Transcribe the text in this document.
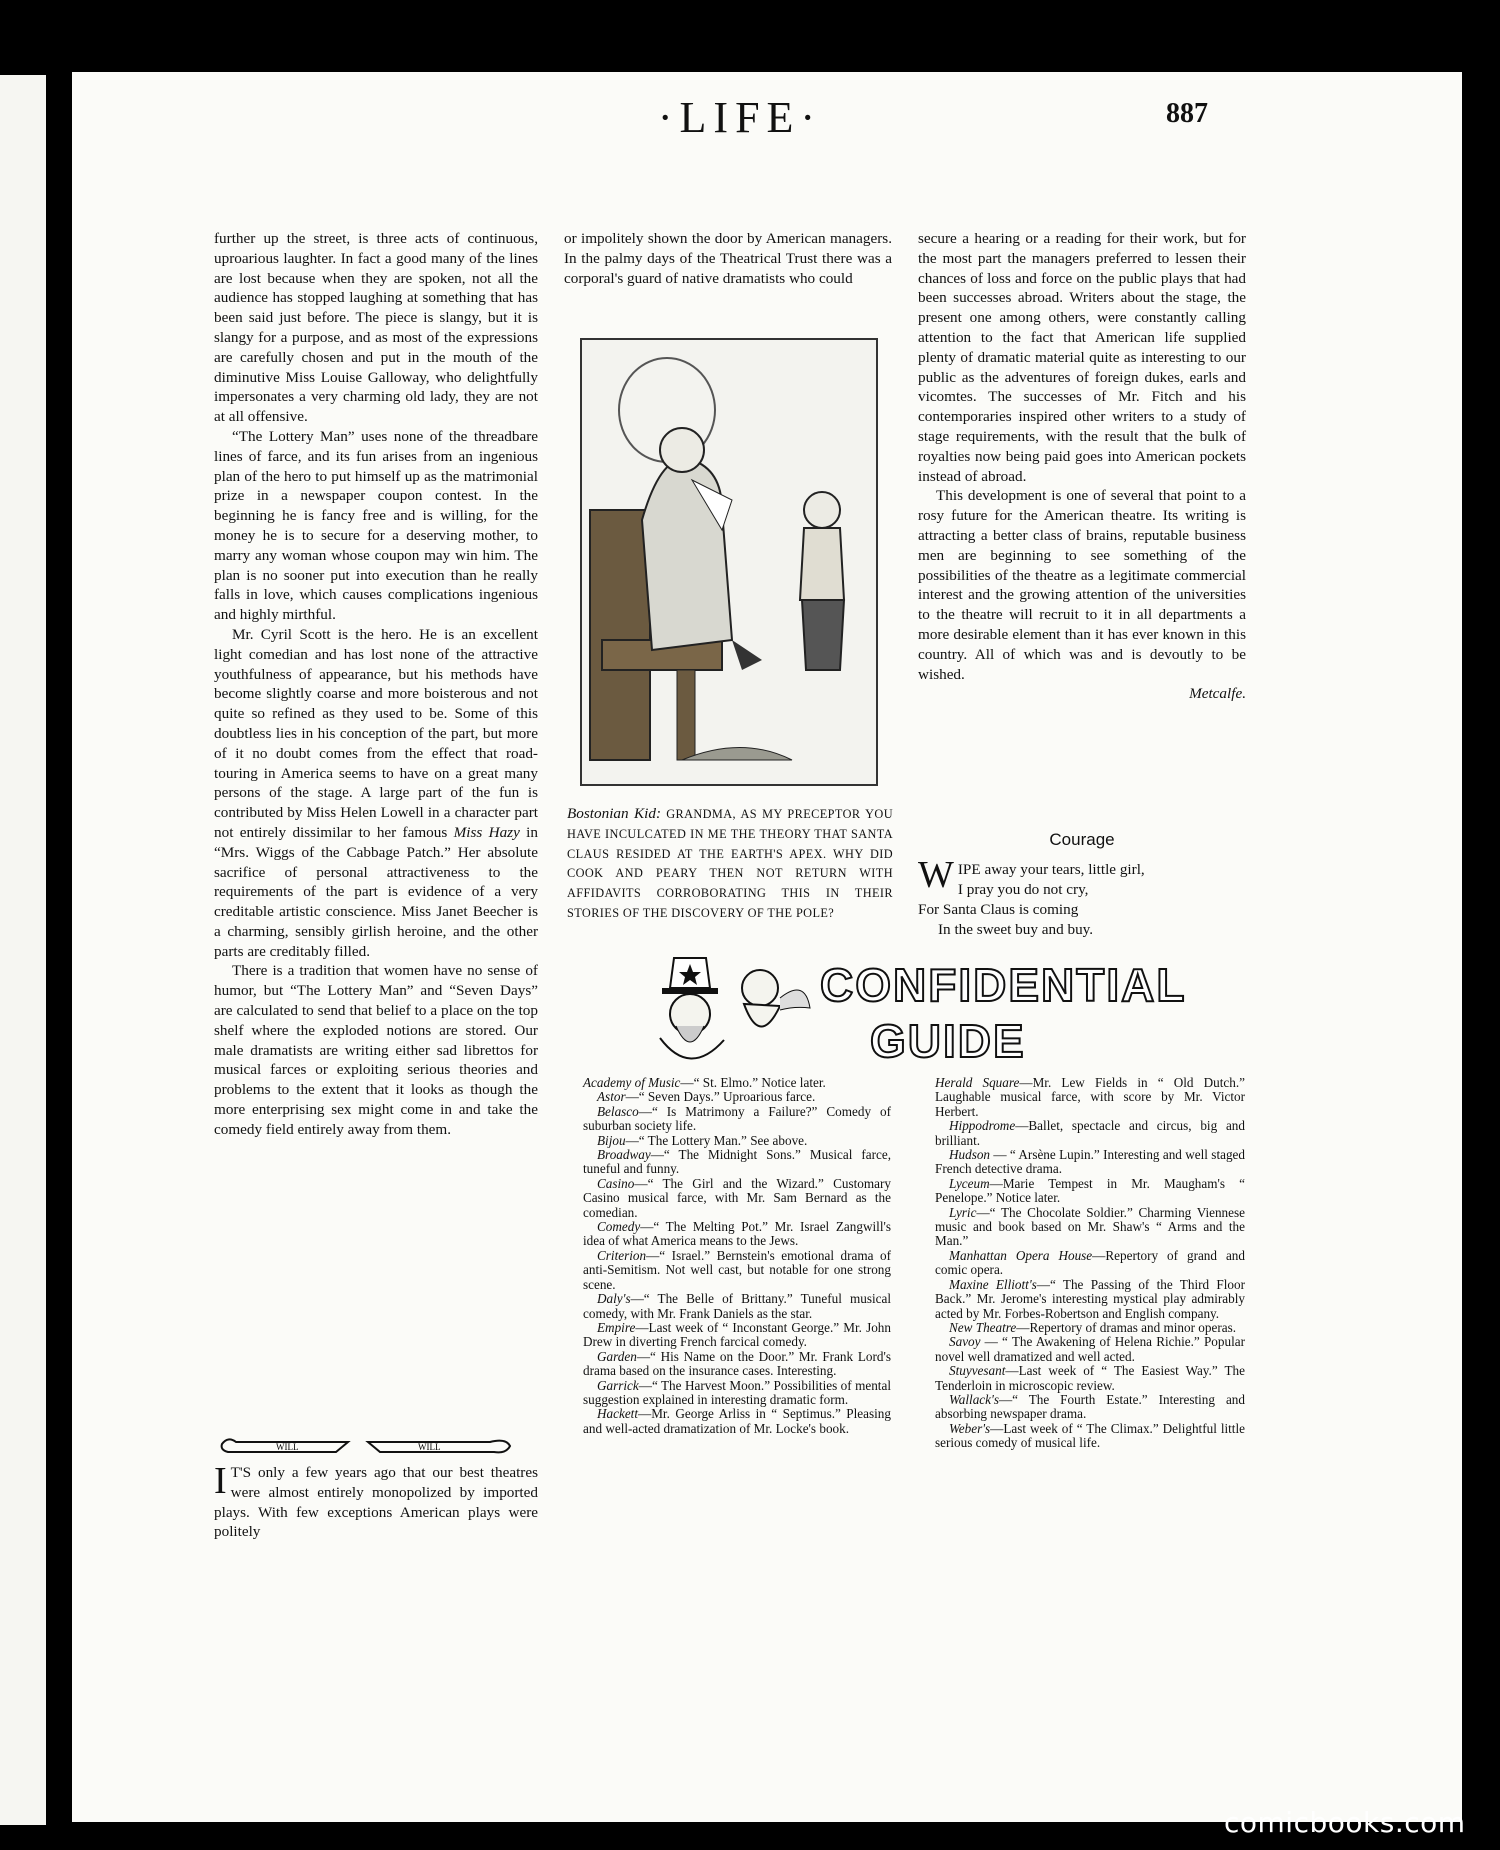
·LIFE·	887

further up the street, is three acts of continuous, uproarious laughter. In fact a good many of the lines are lost because when they are spoken, not all the audience has stopped laughing at something that has been said just before. The piece is slangy, but it is slangy for a purpose, and as most of the expressions are carefully chosen and put in the mouth of the diminutive Miss Louise Galloway, who delightfully impersonates a very charming old lady, they are not at all offensive.

“The Lottery Man” uses none of the threadbare lines of farce, and its fun arises from an ingenious plan of the hero to put himself up as the matrimonial prize in a newspaper coupon contest. In the beginning he is fancy free and is willing, for the money he is to secure for a deserving mother, to marry any woman whose coupon may win him. The plan is no sooner put into execution than he really falls in love, which causes complications ingenious and highly mirthful.

Mr. Cyril Scott is the hero. He is an excellent light comedian and has lost none of the attractive youthfulness of appearance, but his methods have become slightly coarse and more boisterous and not quite so refined as they used to be. Some of this doubtless lies in his conception of the part, but more of it no doubt comes from the effect that road-touring in America seems to have on a great many persons of the stage. A large part of the fun is contributed by Miss Helen Lowell in a character part not entirely dissimilar to her famous Miss Hazy in “Mrs. Wiggs of the Cabbage Patch.” Her absolute sacrifice of personal attractiveness to the requirements of the part is evidence of a very creditable artistic conscience. Miss Janet Beecher is a charming, sensibly girlish heroine, and the other parts are creditably filled.

There is a tradition that women have no sense of humor, but “The Lottery Man” and “Seven Days” are calculated to send that belief to a place on the top shelf where the exploded notions are stored. Our male dramatists are writing either sad librettos for musical farces or exploiting serious theories and problems to the extent that it looks as though the more enterprising sex might come in and take the comedy field entirely away from them.

WILL	WILL

I T'S only a few years ago that our best theatres were almost entirely monopolized by imported plays. With few exceptions American plays were politely

or impolitely shown the door by American managers. In the palmy days of the Theatrical Trust there was a corporal's guard of native dramatists who could

Bostonian Kid: GRANDMA, AS MY PRECEPTOR YOU HAVE INCULCATED IN ME THE THEORY THAT SANTA CLAUS RESIDED AT THE EARTH'S APEX. WHY DID COOK AND PEARY THEN NOT RETURN WITH AFFIDAVITS CORROBORATING THIS IN THEIR STORIES OF THE DISCOVERY OF THE POLE?

secure a hearing or a reading for their work, but for the most part the managers preferred to lessen their chances of loss and force on the public plays that had been successes abroad. Writers about the stage, the present one among others, were constantly calling attention to the fact that American life supplied plenty of dramatic material quite as interesting to our public as the adventures of foreign dukes, earls and vicomtes. The successes of Mr. Fitch and his contemporaries inspired other writers to a study of stage requirements, with the result that the bulk of royalties now being paid goes into American pockets instead of abroad.

This development is one of several that point to a rosy future for the American theatre. Its writing is attracting a better class of brains, reputable business men are beginning to see something of the possibilities of the theatre as a legitimate commercial interest and the growing attention of the universities to the theatre will recruit to it in all departments a more desirable element than it has ever known in this country. All of which was and is devoutly to be wished.

Metcalfe.
Courage
W IPE away your tears, little girl,
I pray you do not cry,
For Santa Claus is coming
In the sweet buy and buy.
CONFIDENTIAL
GUIDE

Academy of Music—“ St. Elmo.” Notice later.

Astor—“ Seven Days.” Uproarious farce.

Belasco—“ Is Matrimony a Failure?” Comedy of suburban society life.

Bijou—“ The Lottery Man.” See above.

Broadway—“ The Midnight Sons.” Musical farce, tuneful and funny.

Casino—“ The Girl and the Wizard.” Customary Casino musical farce, with Mr. Sam Bernard as the comedian.

Comedy—“ The Melting Pot.” Mr. Israel Zangwill's idea of what America means to the Jews.

Criterion—“ Israel.” Bernstein's emotional drama of anti-Semitism. Not well cast, but notable for one strong scene.

Daly's—“ The Belle of Brittany.” Tuneful musical comedy, with Mr. Frank Daniels as the star.

Empire—Last week of “ Inconstant George.” Mr. John Drew in diverting French farcical comedy.

Garden—“ His Name on the Door.” Mr. Frank Lord's drama based on the insurance cases. Interesting.

Garrick—“ The Harvest Moon.” Possibilities of mental suggestion explained in interesting dramatic form.

Hackett—Mr. George Arliss in “ Septimus.” Pleasing and well-acted dramatization of Mr. Locke's book.

Herald Square—Mr. Lew Fields in “ Old Dutch.” Laughable musical farce, with score by Mr. Victor Herbert.

Hippodrome—Ballet, spectacle and circus, big and brilliant.

Hudson — “ Arsène Lupin.” Interesting and well staged French detective drama.

Lyceum—Marie Tempest in Mr. Maugham's “ Penelope.” Notice later.

Lyric—“ The Chocolate Soldier.” Charming Viennese music and book based on Mr. Shaw's “ Arms and the Man.”

Manhattan Opera House—Repertory of grand and comic opera.

Maxine Elliott's—“ The Passing of the Third Floor Back.” Mr. Jerome's interesting mystical play admirably acted by Mr. Forbes-Robertson and English company.

New Theatre—Repertory of dramas and minor operas.

Savoy — “ The Awakening of Helena Richie.” Popular novel well dramatized and well acted.

Stuyvesant—Last week of “ The Easiest Way.” The Tenderloin in microscopic review.

Wallack's—“ The Fourth Estate.” Interesting and absorbing newspaper drama.

Weber's—Last week of “ The Climax.” Delightful little serious comedy of musical life.

comicbooks.com
